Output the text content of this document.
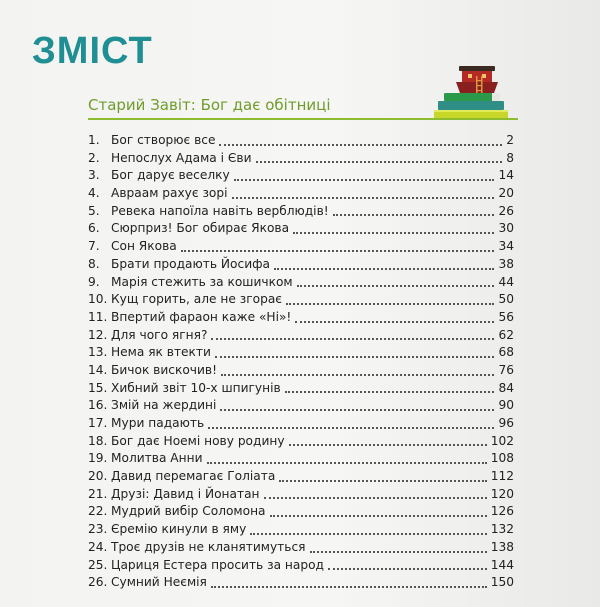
ЗМІСТ
Старий Завіт: Бог дає обітниці
1. Бог створює все	2
2. Непослух Адама і Єви	8
3. Бог дарує веселку	14
4. Авраам рахує зорі	20
5. Ревека напоїла навіть верблюдів!	26
6. Сюрприз! Бог обирає Якова	30
7. Сон Якова	34
8. Брати продають Йосифа	38
9. Марія стежить за кошичком	44
10. Кущ горить, але не згорає	50
11. Впертий фараон каже «Ні»!	56
12. Для чого ягня?	62
13. Нема як втекти	68
14. Бичок вискочив!	76
15. Хибний звіт 10-х шпигунів	84
16. Змій на жердині	90
17. Мури падають	96
18. Бог дає Ноемі нову родину	102
19. Молитва Анни	108
20. Давид перемагає Голіата	112
21. Друзі: Давид і Йонатан	120
22. Мудрий вибір Соломона	126
23. Єремію кинули в яму	132
24. Троє друзів не кланятимуться	138
25. Цариця Естера просить за народ	144
26. Сумний Неємія	150
